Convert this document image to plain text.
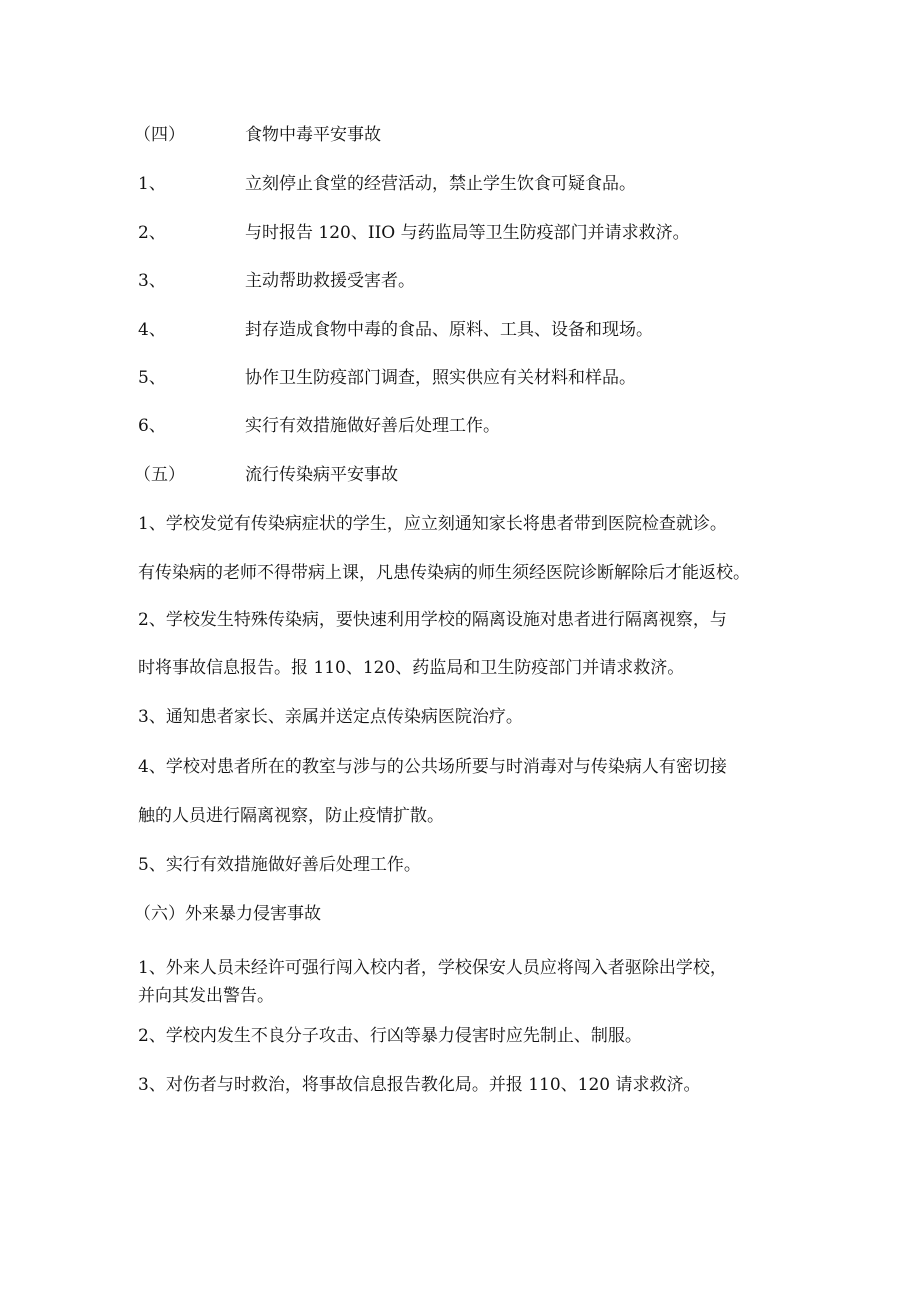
（四）	食物中毒平安事故
1、	立刻停止食堂的经营活动，禁止学生饮食可疑食品。
2、	与时报告 120、IIO 与药监局等卫生防疫部门并请求救济。
3、	主动帮助救援受害者。
4、	封存造成食物中毒的食品、原料、工具、设备和现场。
5、	协作卫生防疫部门调查，照实供应有关材料和样品。
6、	实行有效措施做好善后处理工作。
（五）	流行传染病平安事故
1、学校发觉有传染病症状的学生，应立刻通知家长将患者带到医院检查就诊。
有传染病的老师不得带病上课，凡患传染病的师生须经医院诊断解除后才能返校。
2、学校发生特殊传染病，要快速利用学校的隔离设施对患者进行隔离视察，与
时将事故信息报告。报 110、120、药监局和卫生防疫部门并请求救济。
3、通知患者家长、亲属并送定点传染病医院治疗。
4、学校对患者所在的教室与涉与的公共场所要与时消毒对与传染病人有密切接
触的人员进行隔离视察，防止疫情扩散。
5、实行有效措施做好善后处理工作。
（六）外来暴力侵害事故
1、外来人员未经许可强行闯入校内者，学校保安人员应将闯入者驱除出学校，
并向其发出警告。
2、学校内发生不良分子攻击、行凶等暴力侵害时应先制止、制服。
3、对伤者与时救治，将事故信息报告教化局。并报 110、120 请求救济。
